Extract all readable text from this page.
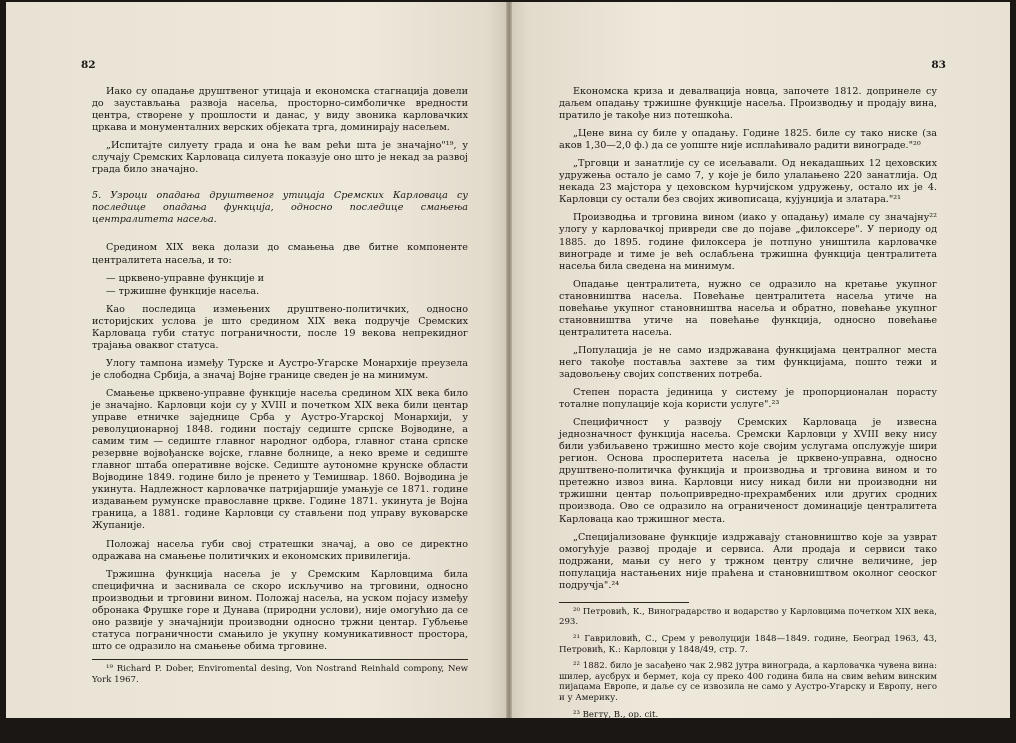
82

Иако су опадање друштвеног утицаја и економска стагнација довели до заустављања развоја насеља, просторно-симболичке вредности центра, створене у прошлости и данас, у виду звоника карловачких цркава и монументалних верских објеката трга, доминирају насељем.

„Испитајте силуету града и она ће вам рећи шта је значајно"¹⁹, у случају Сремских Карловаца силуета показује оно што је некад за развој града било значајно.

5. Узроци опадања друштвеног утицаја Сремских Карловаца су последице опадања функција, односно последице смањења централитета насеља.

Средином XIX века долази до смањења две битне компоненте централитета насеља, и то:

— црквено-управне функције и

— тржишне функције насеља.

Као последица измењених друштвено-политичких, односно историјских услова је што средином XIX века подручје Сремских Карловаца губи статус пограничности, после 19 векова непрекидног трајања оваквог статуса.

Улогу тампона између Турске и Аустро-Угарске Монархије преузела је слободна Србија, а значај Војне границе сведен је на минимум.

Смањење црквено-управне функције насеља средином XIX века било је значајно. Карловци који су у XVIII и почетком XIX века били центар управе етничке заједнице Срба у Аустро-Угарској Монархији, у револуционарној 1848. години постају седиште српске Војводине, а самим тим — седиште главног народног одбора, главног стана српске резервне војвођанске војске, главне болнице, а неко време и седиште главног штаба оперативне војске. Седиште аутономне крунске области Војводине 1849. године било је пренето у Темишвар. 1860. Војводина је укинута. Надлежност карловачке патријаршије умањује се 1871. године издавањем румунске православне цркве. Године 1871. укинута је Војна граница, а 1881. године Карловци су стављени под управу вуковарске Жупаније.

Положај насеља губи свој стратешки значај, а ово се директно одражава на смањење политичких и економских привилегија.

Тржишна функција насеља је у Сремским Карловцима била специфична и заснивала се скоро искључиво на трговини, односно производњи и трговини вином. Положај насеља, на уском појасу између обронака Фрушке горе и Дунава (природни услови), није омогућио да се оно развије у значајнији производни односно тржни центар. Губљење статуса пограничности смањило је укупну комуникативност простора, што се одразило на смањење обима трговине.

¹⁹ Richard P. Dober, Enviromental desing, Von Nostrand Reinhald compony, New York 1967.

83

Економска криза и девалвација новца, започете 1812. допринеле су даљем опадању тржишне функције насеља. Производњу и продају вина, пратило је такође низ потешкоћа.

„Цене вина су биле у опадању. Године 1825. биле су тако ниске (за аков 1,30—2,0 ф.) да се уопште није исплаћивало радити виноградe."²⁰

„Трговци и занатлије су се исељавали. Од некадашњих 12 цеховских удружења остало је само 7, у које је било улалањено 220 занатлија. Од некада 23 мајстора у цеховском ћурчијском удружењу, остало их је 4. Карловци су остали без својих живописаца, кујунџија и златара."²¹

Производња и трговина вином (иако у опадању) имале су значајну²² улогу у карловачкој привреди све до појаве „филоксере". У периоду од 1885. до 1895. године филоксера је потпуно уништила карловачке винограде и тиме је већ ослабљена тржишна функција централитета насеља била сведена на минимум.

Опадање централитета, нужно се одразило на кретање укупног становништва насеља. Повећање централитета насеља утиче на повећање укупног становништва насеља и обратно, повећање укупног становништва утиче на повећање функција, односно повећање централитета насеља.

„Популација је не само издржавана функцијама централног места него такође поставља захтеве за тим функцијама, пошто тежи и задовољењу својих сопствених потреба.

Степен пораста јединица у систему је пропорционалан порасту тоталне популације која користи услуге".²³

Специфичност у развоју Сремских Карловаца је извесна једнозначност функција насеља. Сремски Карловци у XVIII веку нису били узбиљавено тржишно место које својим услугама опслужује шири регион. Основа просперитета насеља је црквено-управна, односно друштвено-политичка функција и производња и трговина вином и то претежно извоз вина. Карловци нису никад били ни производни ни тржишни центар пољопривредно-прехрамбених или других сродних производа. Ово се одразило на ограниченост доминације централитета Карловаца као тржишног места.

„Специјализоване функције издржавају становништво које за узврат омогућује развој продаје и сервиса. Али продаја и сервиси тако подржани, мањи су него у тржном центру сличне величине, јер популација настањених није праћена и становништвом околног сеоског подручја".²⁴

²⁰ Петровић, К., Виноградарство и водарство у Карловцима почетком XIX века, 293.

²¹ Гавриловић, С., Срем у револуцији 1848—1849. године, Београд 1963, 43, Петровић, К.: Карловци у 1848/49, стр. 7.

²² 1882. било је засађено чак 2.982 јутра винограда, а карловачка чувена вина: шилер, аусбрух и бермет, која су преко 400 година била на свим већим винским пијацама Европе, и даље су се извозила не само у Аустро-Угарску и Европу, него и у Америку.

²³ Вегту, В., op. cit.

²⁴ Вегту, В., op. cit.
